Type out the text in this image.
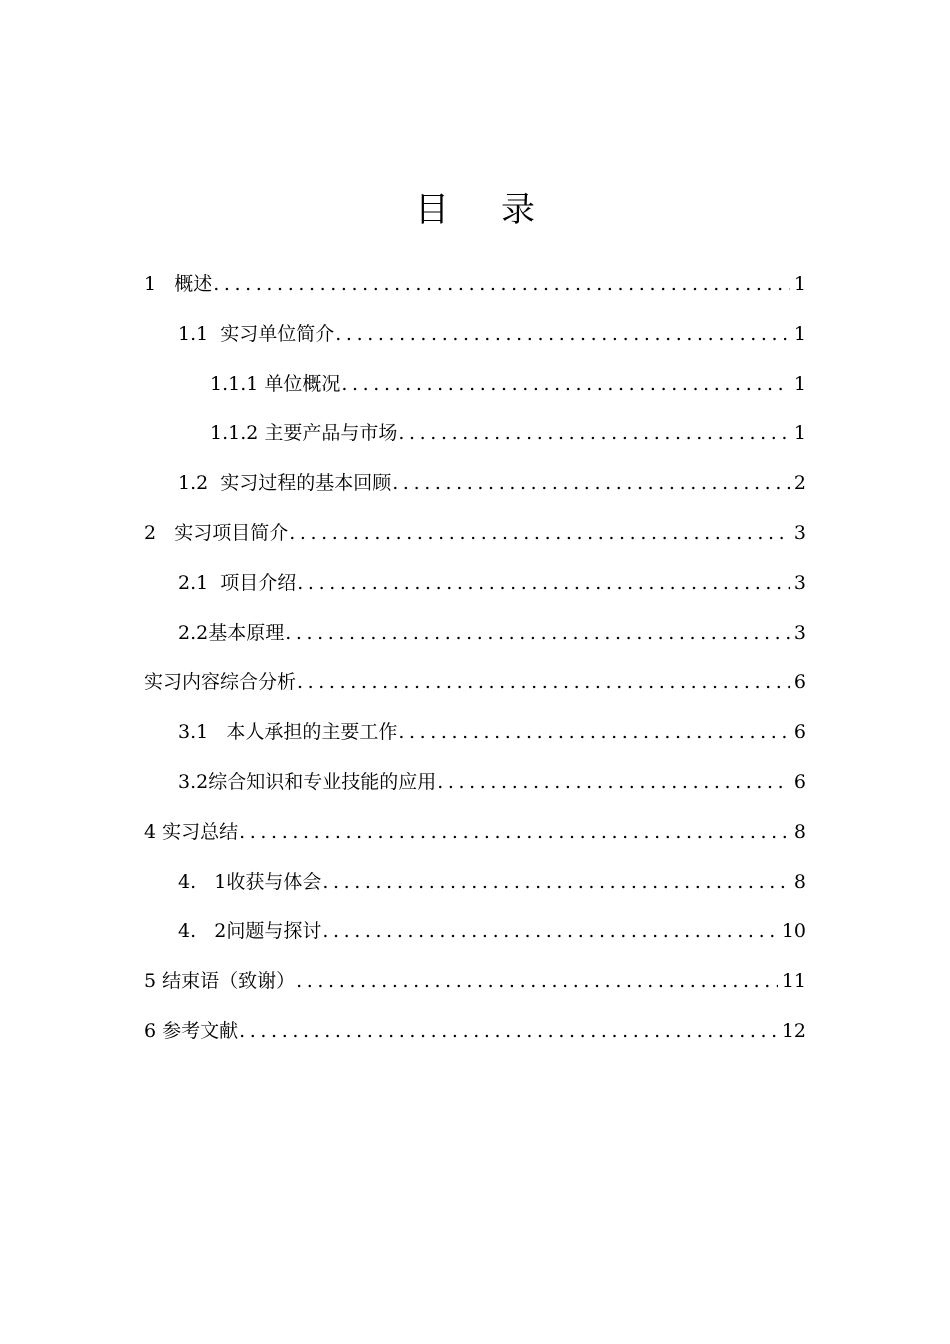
目录
1   概述 .....	1
1.1  实习单位简介 .....	1
1.1.1 单位概况 .....	1
1.1.2 主要产品与市场 .....	1
1.2  实习过程的基本回顾 .....	2
2   实习项目简介 .....	3
2.1  项目介绍 .....	3
2.2基本原理 .....	3
实习内容综合分析 .....	6
3.1   本人承担的主要工作 .....	6
3.2综合知识和专业技能的应用 .....	6
4 实习总结 .....	8
4.   1收获与体会 .....	8
4.   2问题与探讨 .....	10
5 结束语（致谢） .....	11
6 参考文献 .....	12
